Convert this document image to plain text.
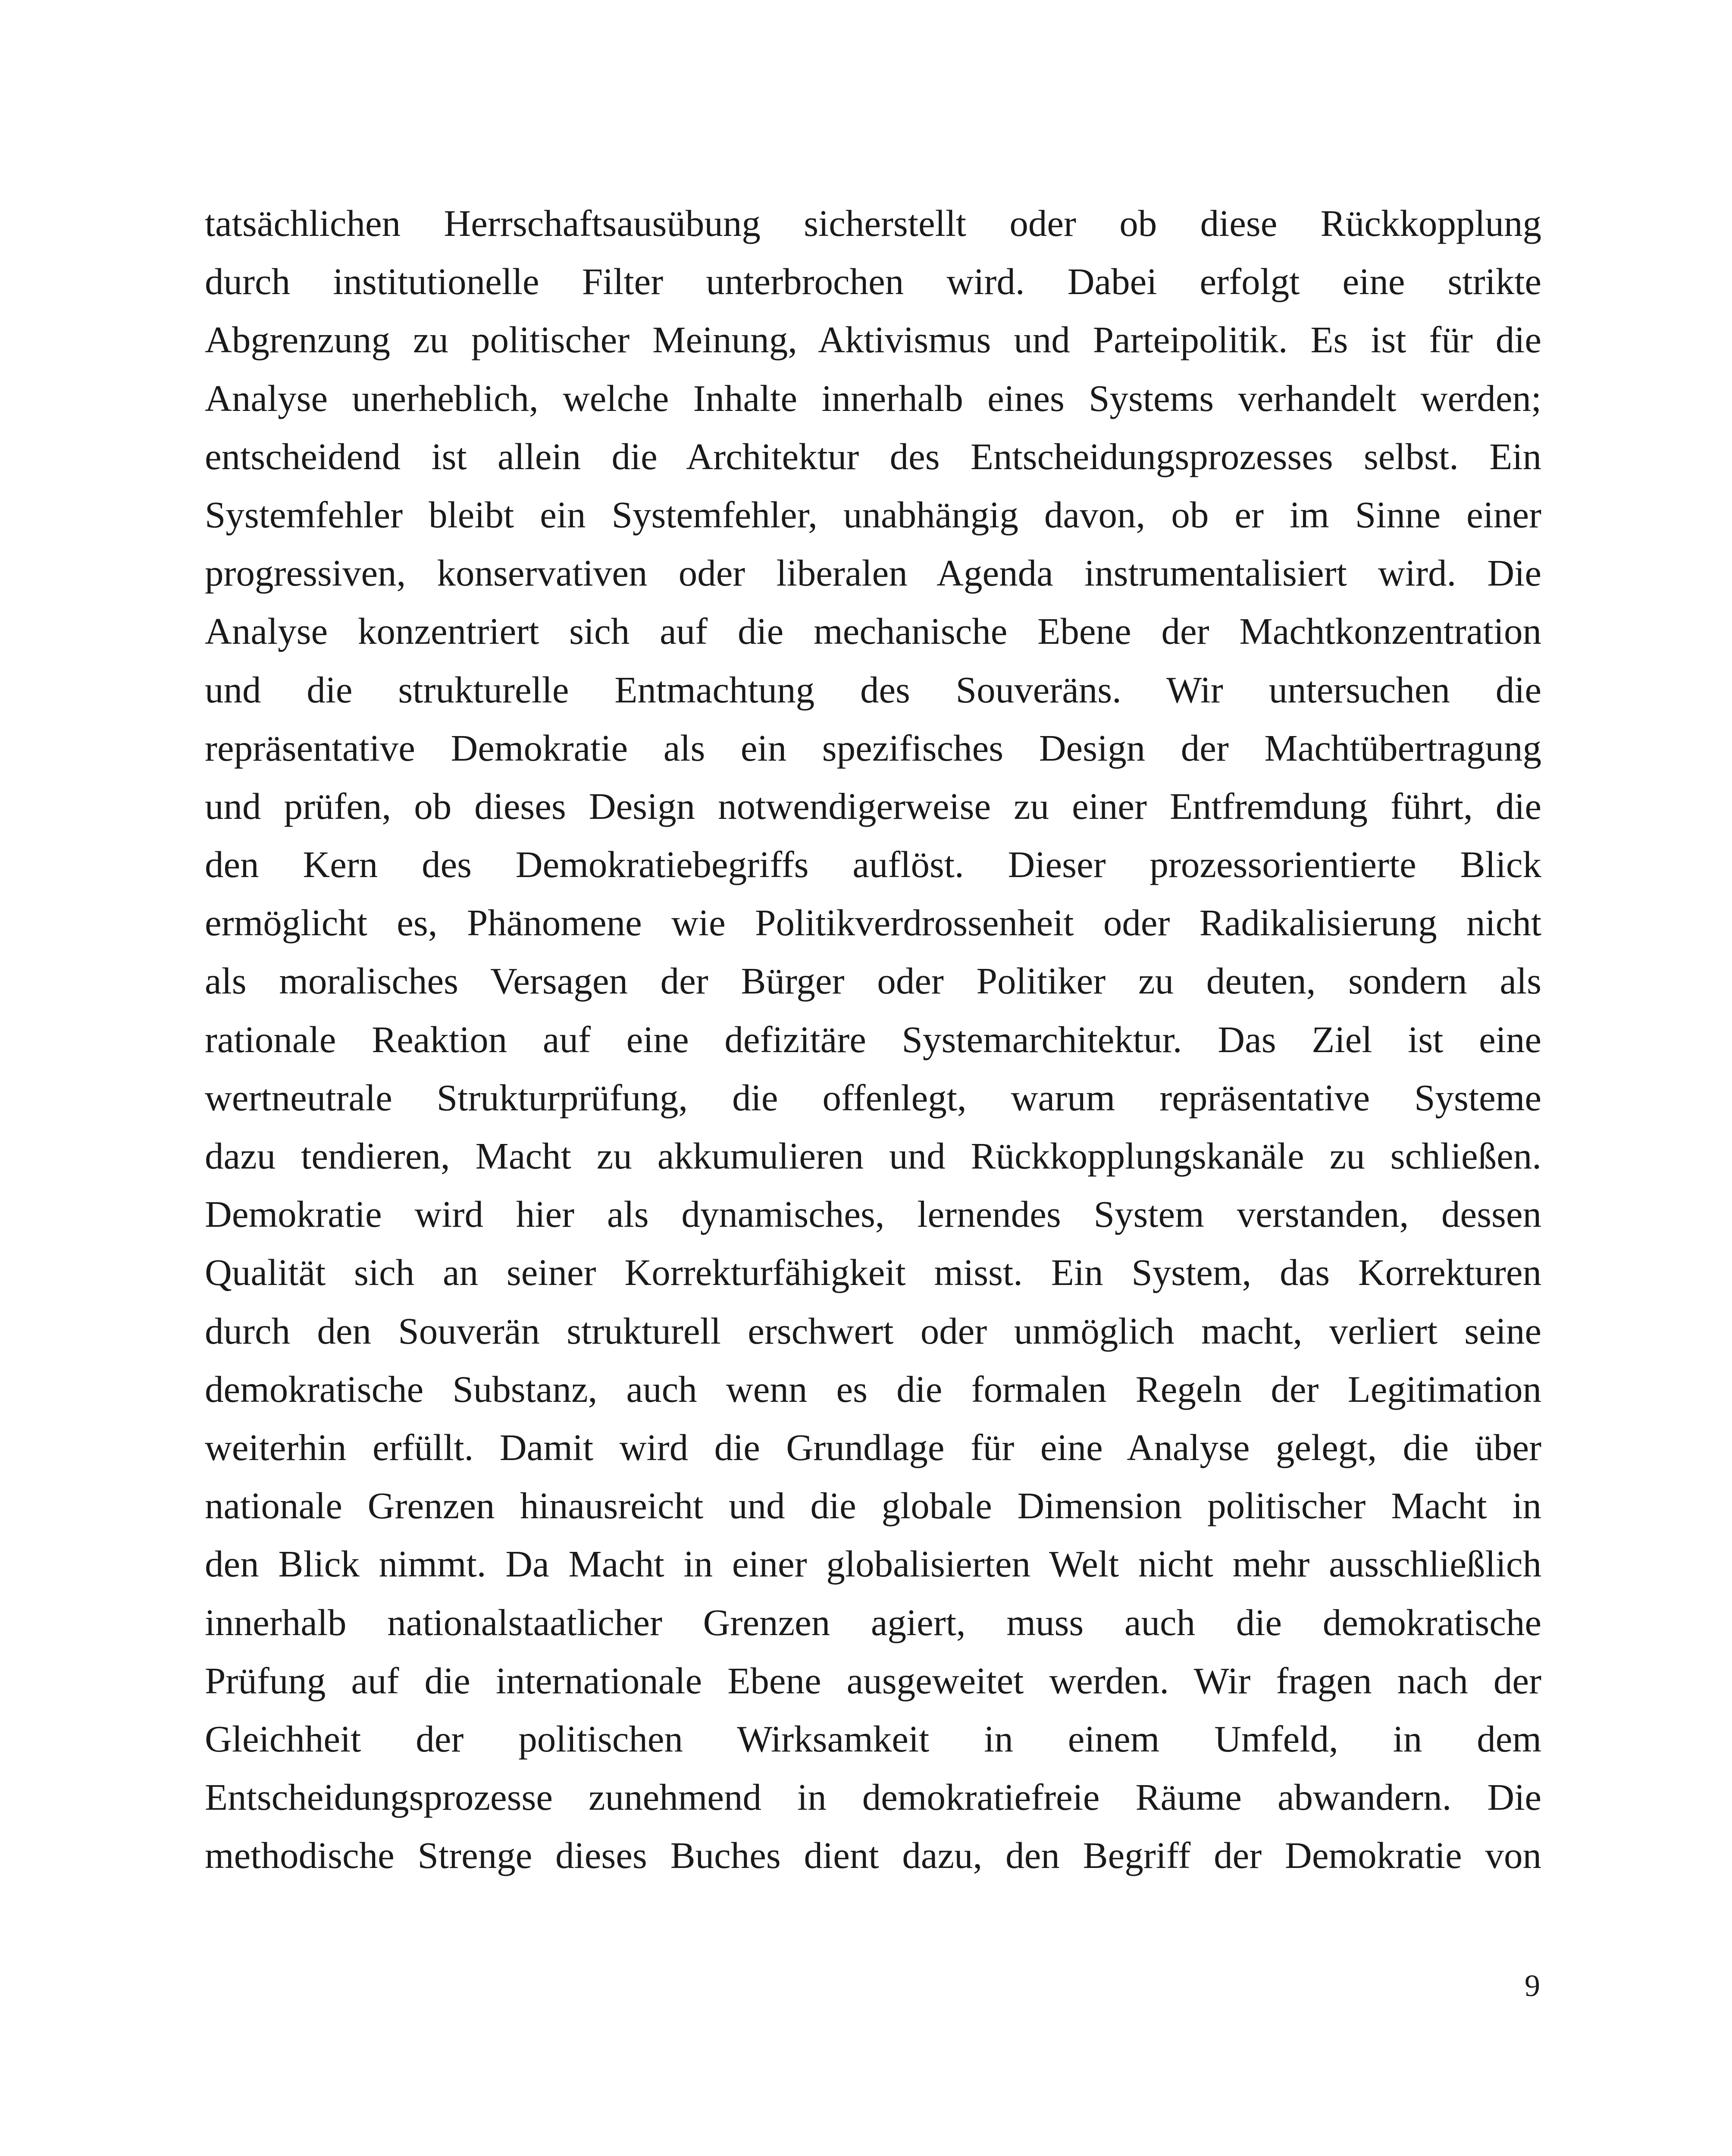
tatsächlichen Herrschaftsausübung sicherstellt oder ob diese Rückkopplung
durch institutionelle Filter unterbrochen wird. Dabei erfolgt eine strikte
Abgrenzung zu politischer Meinung, Aktivismus und Parteipolitik. Es ist für die
Analyse unerheblich, welche Inhalte innerhalb eines Systems verhandelt werden;
entscheidend ist allein die Architektur des Entscheidungsprozesses selbst. Ein
Systemfehler bleibt ein Systemfehler, unabhängig davon, ob er im Sinne einer
progressiven, konservativen oder liberalen Agenda instrumentalisiert wird. Die
Analyse konzentriert sich auf die mechanische Ebene der Machtkonzentration
und die strukturelle Entmachtung des Souveräns. Wir untersuchen die
repräsentative Demokratie als ein spezifisches Design der Machtübertragung
und prüfen, ob dieses Design notwendigerweise zu einer Entfremdung führt, die
den Kern des Demokratiebegriffs auflöst. Dieser prozessorientierte Blick
ermöglicht es, Phänomene wie Politikverdrossenheit oder Radikalisierung nicht
als moralisches Versagen der Bürger oder Politiker zu deuten, sondern als
rationale Reaktion auf eine defizitäre Systemarchitektur. Das Ziel ist eine
wertneutrale Strukturprüfung, die offenlegt, warum repräsentative Systeme
dazu tendieren, Macht zu akkumulieren und Rückkopplungskanäle zu schließen.
Demokratie wird hier als dynamisches, lernendes System verstanden, dessen
Qualität sich an seiner Korrekturfähigkeit misst. Ein System, das Korrekturen
durch den Souverän strukturell erschwert oder unmöglich macht, verliert seine
demokratische Substanz, auch wenn es die formalen Regeln der Legitimation
weiterhin erfüllt. Damit wird die Grundlage für eine Analyse gelegt, die über
nationale Grenzen hinausreicht und die globale Dimension politischer Macht in
den Blick nimmt. Da Macht in einer globalisierten Welt nicht mehr ausschließlich
innerhalb nationalstaatlicher Grenzen agiert, muss auch die demokratische
Prüfung auf die internationale Ebene ausgeweitet werden. Wir fragen nach der
Gleichheit der politischen Wirksamkeit in einem Umfeld, in dem
Entscheidungsprozesse zunehmend in demokratiefreie Räume abwandern. Die
methodische Strenge dieses Buches dient dazu, den Begriff der Demokratie von

9
